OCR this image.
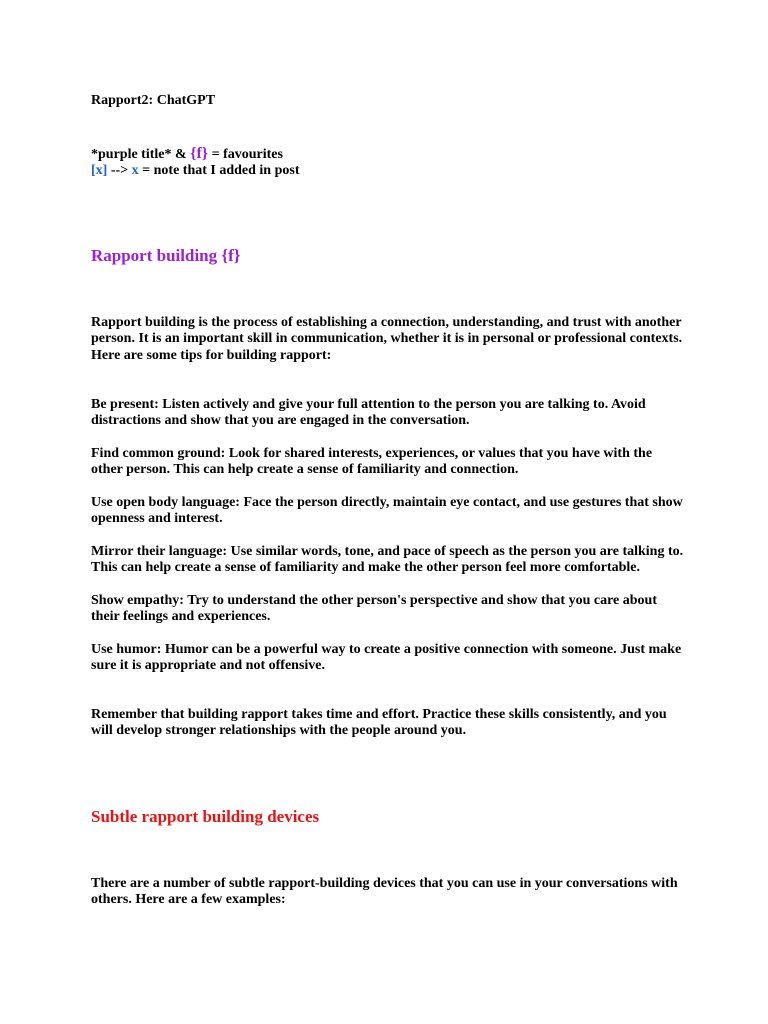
Rapport2: ChatGPT
*purple title* & {f} = favourites
[x] --> x = note that I added in post
Rapport building {f}
Rapport building is the process of establishing a connection, understanding, and trust with another person. It is an important skill in communication, whether it is in personal or professional contexts. Here are some tips for building rapport:
Be present: Listen actively and give your full attention to the person you are talking to. Avoid distractions and show that you are engaged in the conversation.
Find common ground: Look for shared interests, experiences, or values that you have with the other person. This can help create a sense of familiarity and connection.
Use open body language: Face the person directly, maintain eye contact, and use gestures that show openness and interest.
Mirror their language: Use similar words, tone, and pace of speech as the person you are talking to. This can help create a sense of familiarity and make the other person feel more comfortable.
Show empathy: Try to understand the other person's perspective and show that you care about their feelings and experiences.
Use humor: Humor can be a powerful way to create a positive connection with someone. Just make sure it is appropriate and not offensive.
Remember that building rapport takes time and effort. Practice these skills consistently, and you will develop stronger relationships with the people around you.
Subtle rapport building devices
There are a number of subtle rapport-building devices that you can use in your conversations with others. Here are a few examples:
